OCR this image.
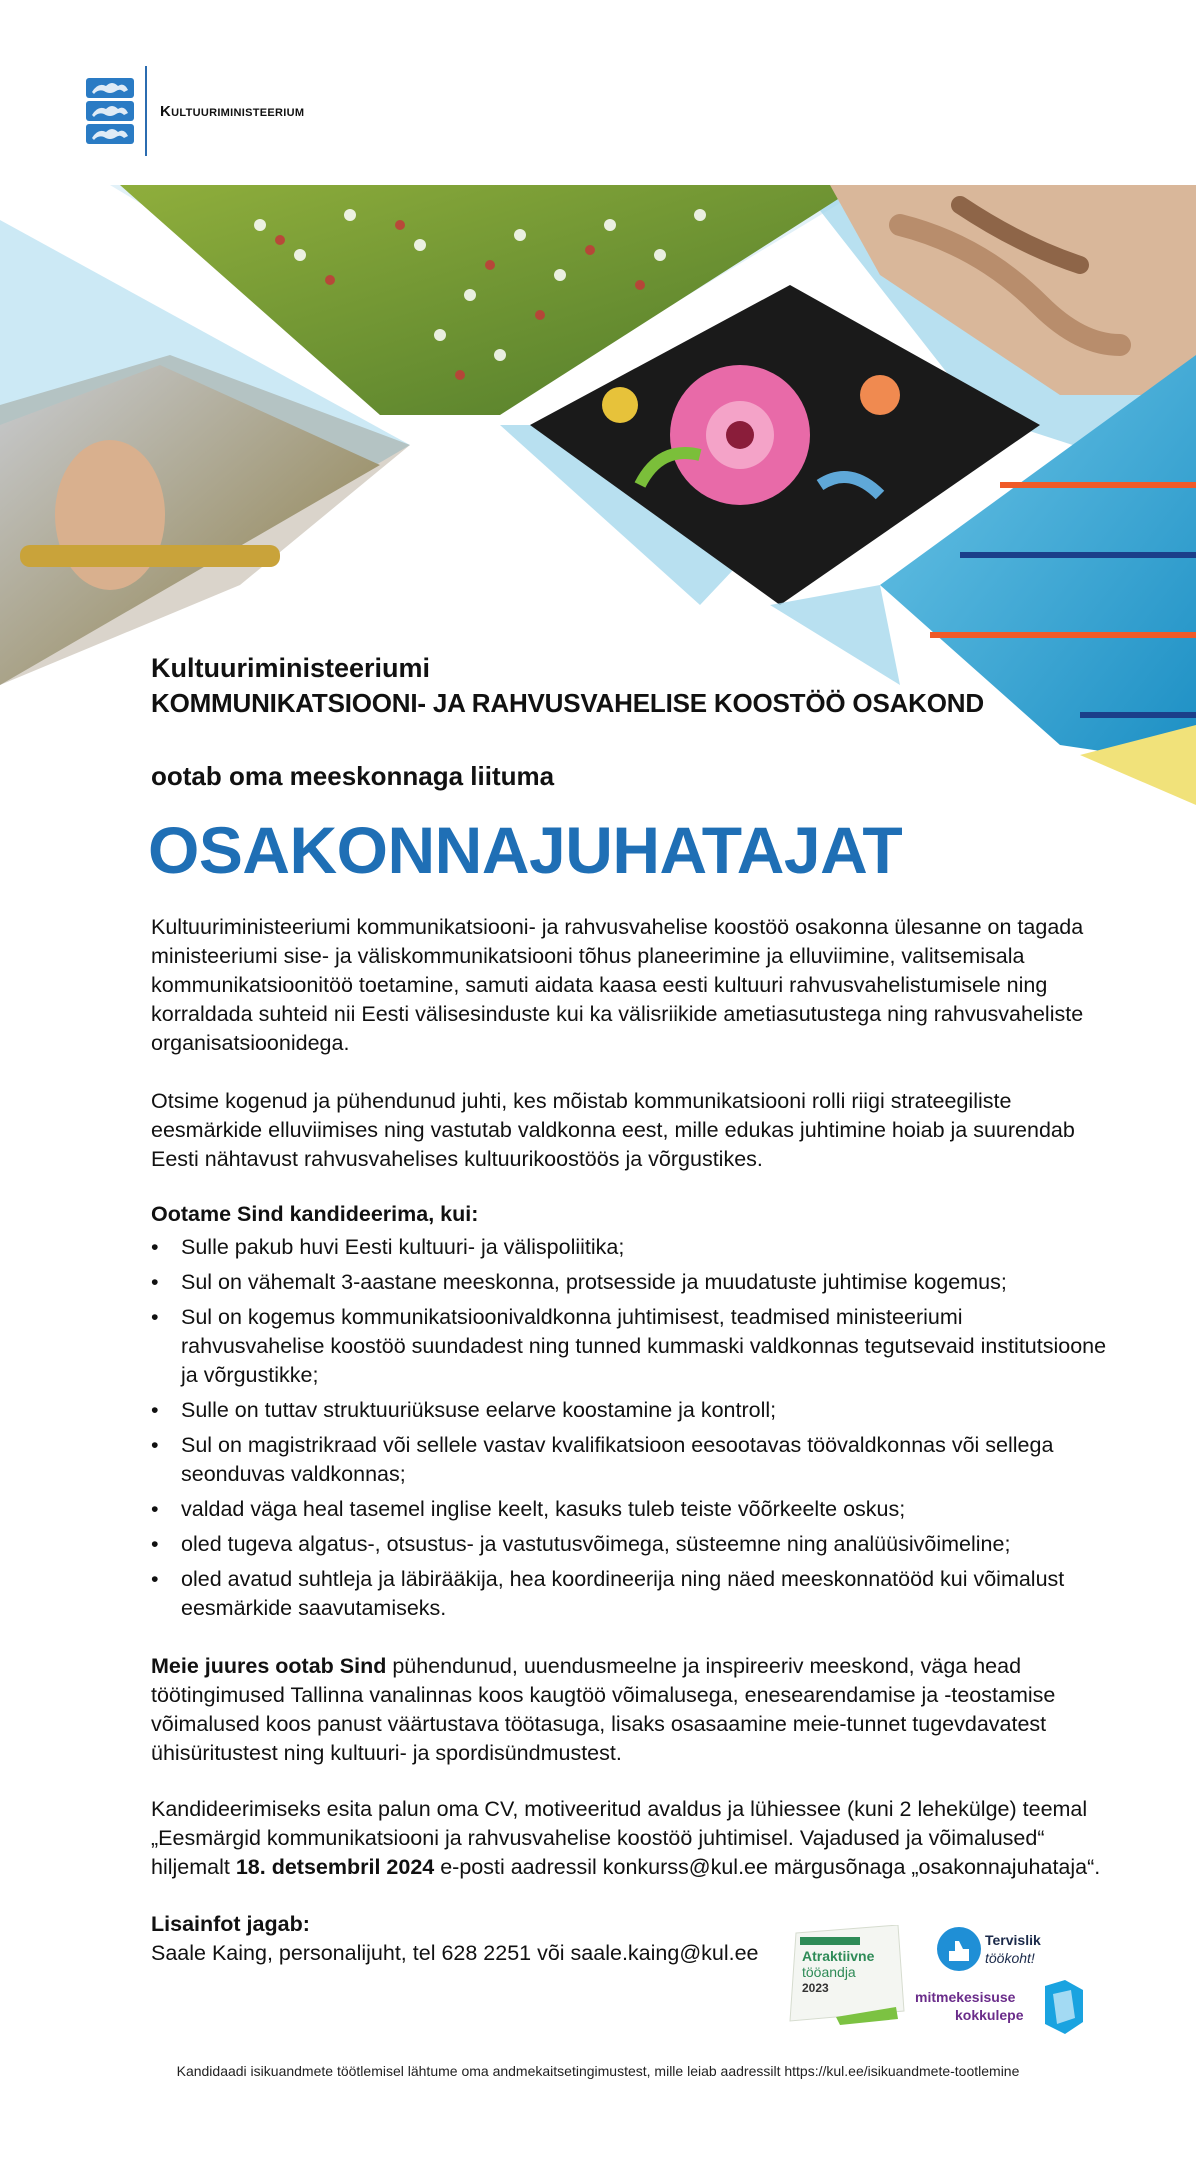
Kultuuriministeerium
Kultuuriministeeriumi
KOMMUNIKATSIOONI- JA RAHVUSVAHELISE KOOSTÖÖ OSAKOND
ootab oma meeskonnaga liituma
OSAKONNAJUHATAJAT
Kultuuriministeeriumi kommunikatsiooni- ja rahvusvahelise koostöö osakonna ülesanne on tagada ministeeriumi sise- ja väliskommunikatsiooni tõhus planeerimine ja elluviimine, valitsemisala kommunikatsioonitöö toetamine, samuti aidata kaasa eesti kultuuri rahvusvahelistumisele ning korraldada suhteid nii Eesti välisesinduste kui ka välisriikide ametiasutustega ning rahvusvaheliste organisatsioonidega.
Otsime kogenud ja pühendunud juhti, kes mõistab kommunikatsiooni rolli riigi strateegiliste eesmärkide elluviimises ning vastutab valdkonna eest, mille edukas juhtimine hoiab ja suurendab Eesti nähtavust rahvusvahelises kultuurikoostöös ja võrgustikes.
Ootame Sind kandideerima, kui:
• Sulle pakub huvi Eesti kultuuri- ja välispoliitika;
• Sul on vähemalt 3-aastane meeskonna, protsesside ja muudatuste juhtimise kogemus;
• Sul on kogemus kommunikatsioonivaldkonna juhtimisest, teadmised ministeeriumi rahvusvahelise koostöö suundadest ning tunned kummaski valdkonnas tegutsevaid institutsioone ja võrgustikke;
• Sulle on tuttav struktuuriüksuse eelarve koostamine ja kontroll;
• Sul on magistrikraad või sellele vastav kvalifikatsioon eesootavas töövaldkonnas või sellega seonduvas valdkonnas;
• valdad väga heal tasemel inglise keelt, kasuks tuleb teiste võõrkeelte oskus;
• oled tugeva algatus-, otsustus- ja vastutusvõimega, süsteemne ning analüüsivõimeline;
• oled avatud suhtleja ja läbirääkija, hea koordineerija ning näed meeskonnatööd kui võimalust eesmärkide saavutamiseks.
Meie juures ootab Sind pühendunud, uuendusmeelne ja inspireeriv meeskond, väga head töötingimused Tallinna vanalinnas koos kaugtöö võimalusega, enesearendamise ja -teostamise võimalused koos panust väärtustava töötasuga, lisaks osasaamine meie-tunnet tugevdavatest ühisüritustest ning kultuuri- ja spordisündmustest.
Kandideerimiseks esita palun oma CV, motiveeritud avaldus ja lühiessee (kuni 2 lehekülge) teemal „Eesmärgid kommunikatsiooni ja rahvusvahelise koostöö juhtimisel. Vajadused ja võimalused“ hiljemalt 18. detsembril 2024 e-posti aadressil konkurss@kul.ee märgusõnaga „osakonnajuhataja“.
Lisainfot jagab:
Saale Kaing, personalijuht, tel 628 2251 või saale.kaing@kul.ee	Atraktiivne
tööandja
2023
Tervislik
töökoht!
mitmekesisuse
kokkulepe
Kandidaadi isikuandmete töötlemisel lähtume oma andmekaitsetingimustest, mille leiab aadressilt https://kul.ee/isikuandmete-tootlemine
